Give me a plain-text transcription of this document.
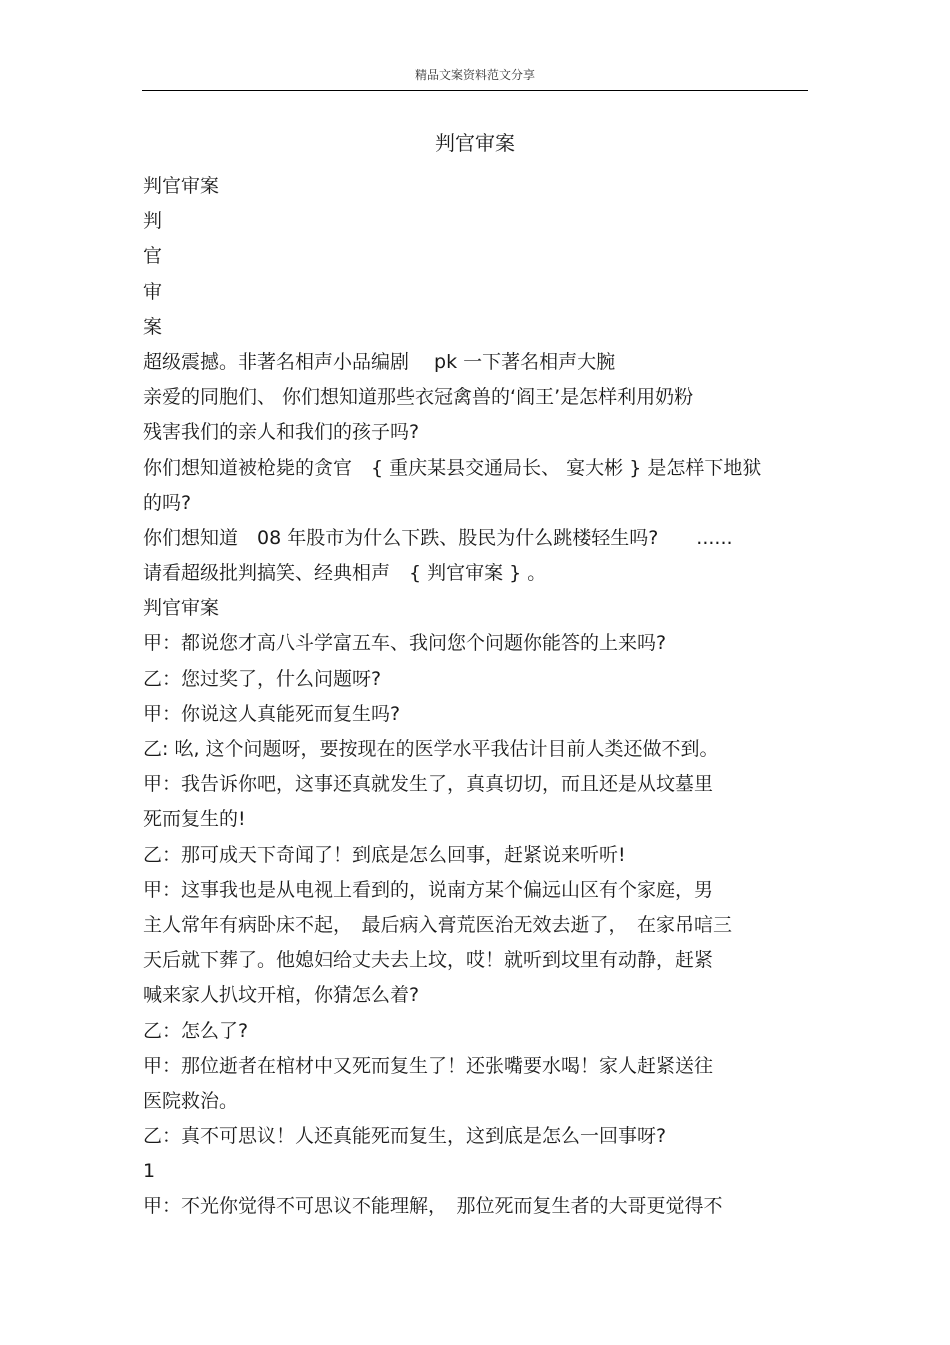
精品文案资料范文分享
判官审案
判官审案
判
官
审
案
超级震撼。非著名相声小品编剧　 pk 一下著名相声大腕
亲爱的同胞们、 你们想知道那些衣冠禽兽的‘阎王’是怎样利用奶粉
残害我们的亲人和我们的孩子吗?
你们想知道被枪毙的贪官　{ 重庆某县交通局长、 宴大彬 } 是怎样下地狱
的吗?
你们想知道　08 年股市为什么下跌、股民为什么跳楼轻生吗?　　......
请看超级批判搞笑、经典相声　{ 判官审案 } 。
判官审案
甲：都说您才高八斗学富五车、我问您个问题你能答的上来吗?
乙：您过奖了，什么问题呀?
甲：你说这人真能死而复生吗?
乙: 吆, 这个问题呀，要按现在的医学水平我估计目前人类还做不到。
甲：我告诉你吧，这事还真就发生了，真真切切，而且还是从坟墓里
死而复生的!
乙：那可成天下奇闻了！到底是怎么回事，赶紧说来听听!
甲：这事我也是从电视上看到的，说南方某个偏远山区有个家庭，男
主人常年有病卧床不起，　最后病入膏荒医治无效去逝了，　在家吊唁三
天后就下葬了。他媳妇给丈夫去上坟，哎！就听到坟里有动静，赶紧
喊来家人扒坟开棺，你猜怎么着?
乙：怎么了?
甲：那位逝者在棺材中又死而复生了！还张嘴要水喝！家人赶紧送往
医院救治。
乙：真不可思议！人还真能死而复生，这到底是怎么一回事呀?
1
甲：不光你觉得不可思议不能理解，　那位死而复生者的大哥更觉得不
